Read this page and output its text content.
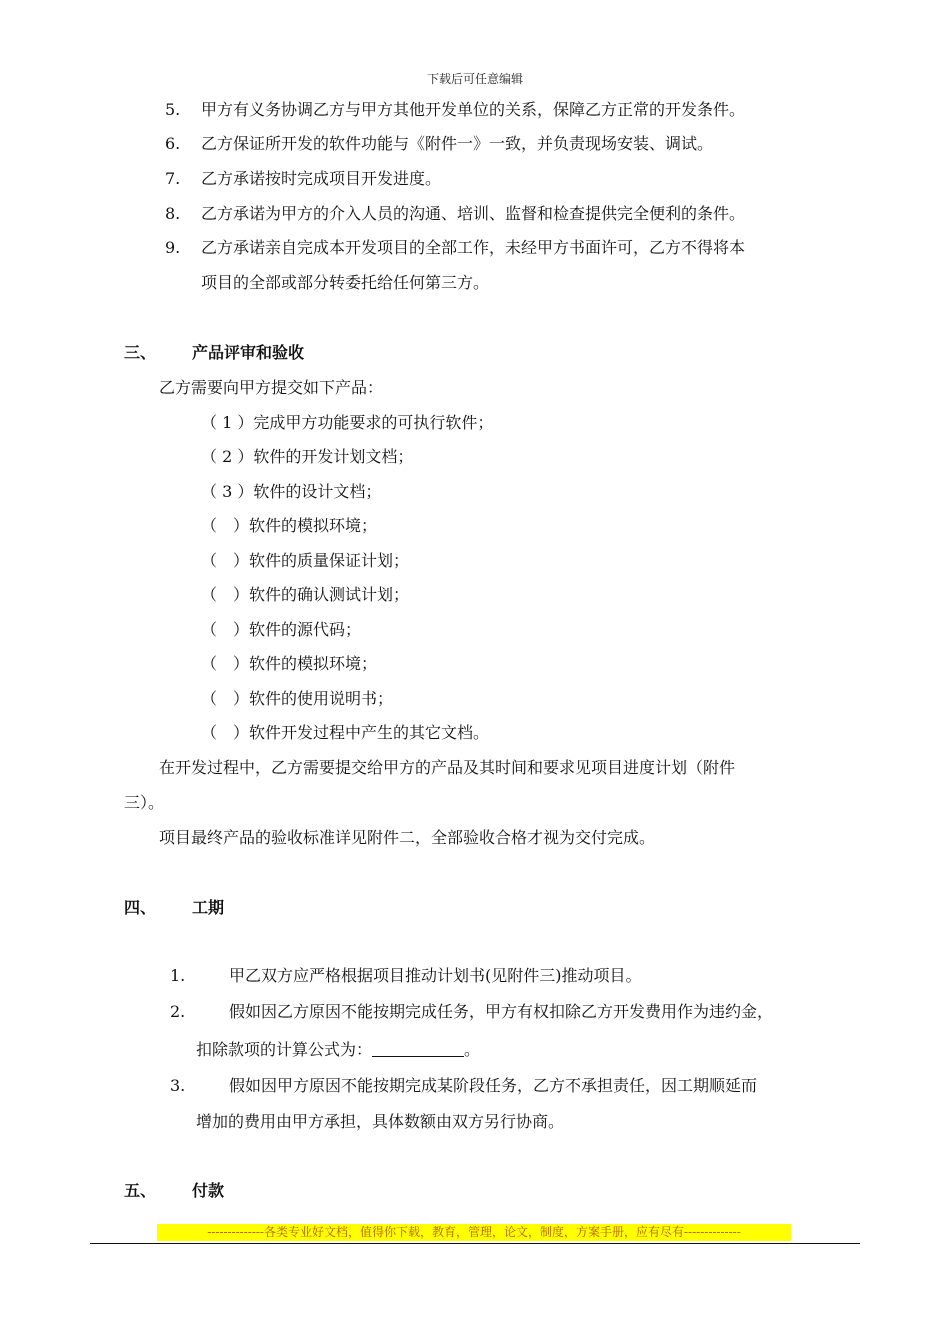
下载后可任意编辑
5. 甲方有义务协调乙方与甲方其他开发单位的关系，保障乙方正常的开发条件。
6. 乙方保证所开发的软件功能与《附件一》一致，并负责现场安装、调试。
7. 乙方承诺按时完成项目开发进度。
8. 乙方承诺为甲方的介入人员的沟通、培训、监督和检查提供完全便利的条件。
9. 乙方承诺亲自完成本开发项目的全部工作，未经甲方书面许可，乙方不得将本
项目的全部或部分转委托给任何第三方。
三、 产品评审和验收
乙方需要向甲方提交如下产品：
（ 1 ）完成甲方功能要求的可执行软件；
（ 2 ）软件的开发计划文档；
（ 3 ）软件的设计文档；
（　）软件的模拟环境；
（　）软件的质量保证计划；
（　）软件的确认测试计划；
（　）软件的源代码；
（　）软件的模拟环境；
（　）软件的使用说明书；
（　）软件开发过程中产生的其它文档。
在开发过程中，乙方需要提交给甲方的产品及其时间和要求见项目进度计划（附件
三）。
项目最终产品的验收标准详见附件二，全部验收合格才视为交付完成。
四、 工期
1.	甲乙双方应严格根据项目推动计划书(见附件三)推动项目。
2.	假如因乙方原因不能按期完成任务，甲方有权扣除乙方开发费用作为违约金，
扣除款项的计算公式为：	。
3.	假如因甲方原因不能按期完成某阶段任务，乙方不承担责任，因工期顺延而
增加的费用由甲方承担，具体数额由双方另行协商。
五、 付款
--------------各类专业好文档，值得你下载，教育，管理，论文，制度，方案手册，应有尽有--------------
